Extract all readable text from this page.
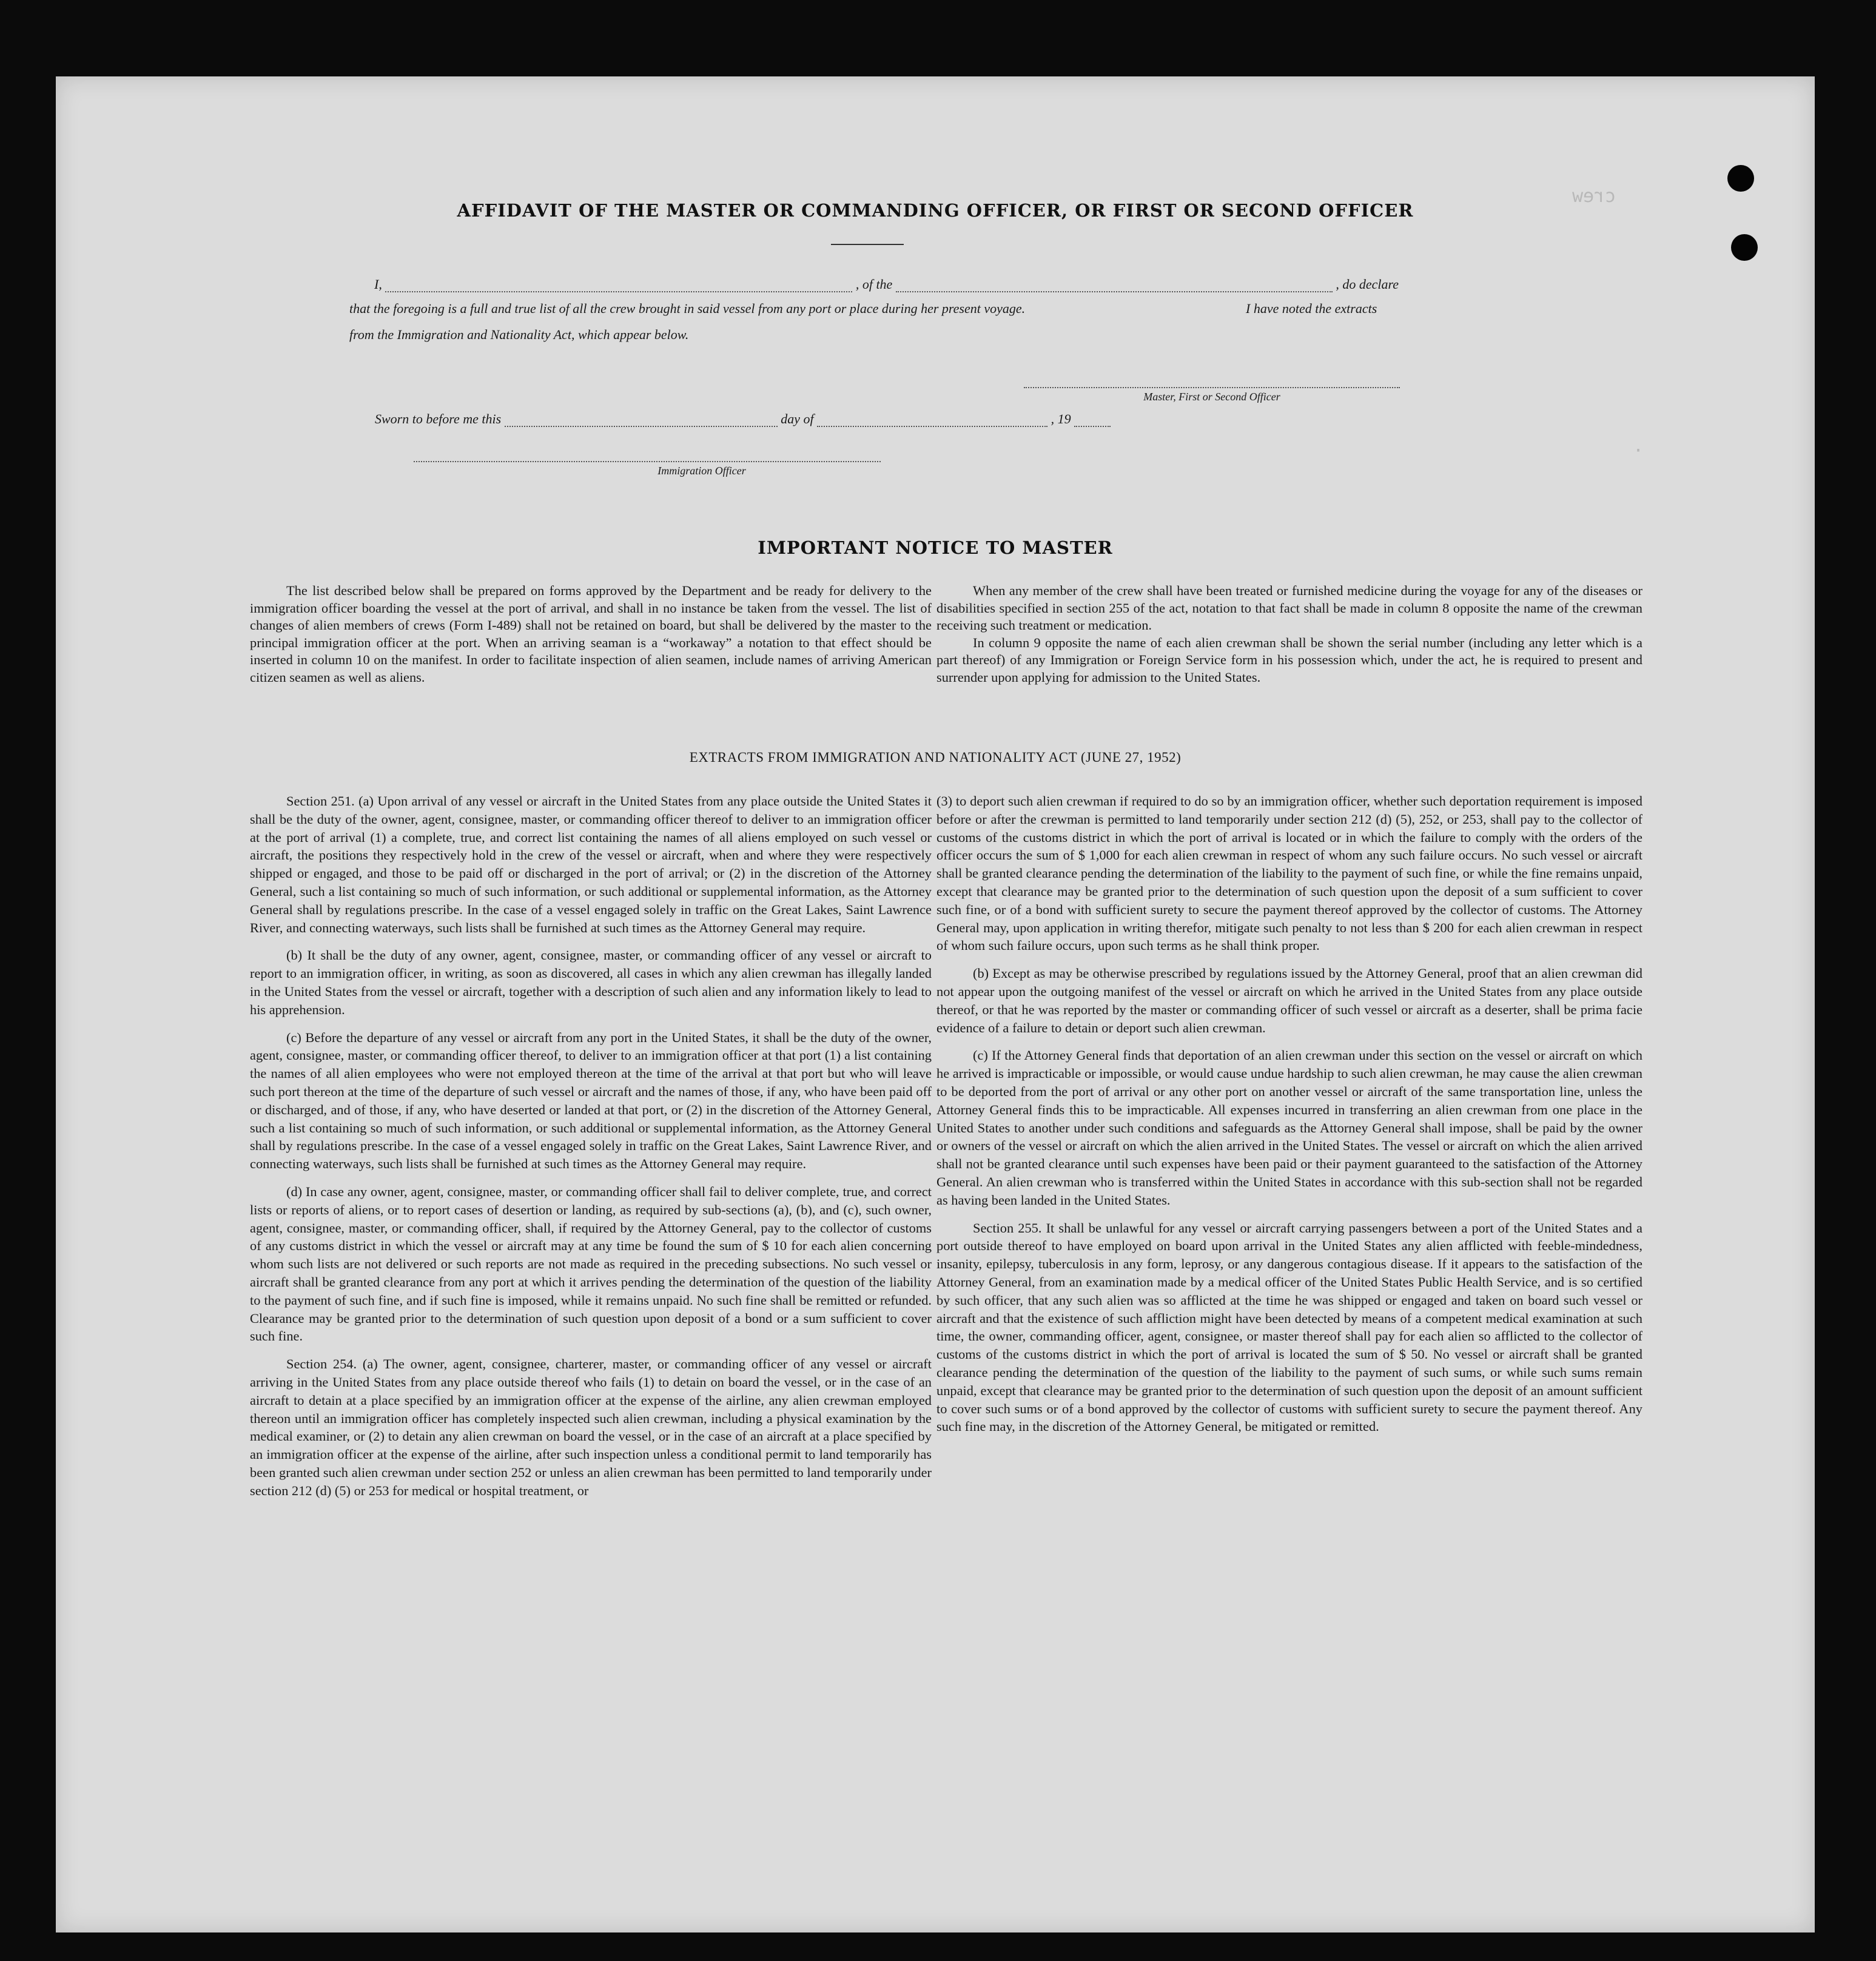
crew
·
AFFIDAVIT OF THE MASTER OR COMMANDING OFFICER, OR FIRST OR SECOND OFFICER
I,	, of the	, do declare
that the foregoing is a full and true list of all the crew brought in said vessel from any port or place during her present voyage.	I have noted the extracts
from the Immigration and Nationality Act, which appear below.
Master, First or Second Officer
Sworn to before me this	day of	, 19
Immigration Officer
IMPORTANT NOTICE TO MASTER

The list described below shall be prepared on forms approved by the Department and be ready for delivery to the immigration officer boarding the vessel at the port of arrival, and shall in no instance be taken from the vessel. The list of changes of alien members of crews (Form I-489) shall not be retained on board, but shall be delivered by the master to the principal immigration officer at the port. When an arriving seaman is a “workaway” a notation to that effect should be inserted in column 10 on the manifest. In order to facilitate inspection of alien seamen, include names of arriving American citizen seamen as well as aliens.

When any member of the crew shall have been treated or furnished medicine during the voyage for any of the diseases or disabilities specified in section 255 of the act, notation to that fact shall be made in column 8 opposite the name of the crewman receiving such treatment or medication.

In column 9 opposite the name of each alien crewman shall be shown the serial number (including any letter which is a part thereof) of any Immigration or Foreign Service form in his possession which, under the act, he is required to present and surrender upon applying for admission to the United States.

EXTRACTS FROM IMMIGRATION AND NATIONALITY ACT (JUNE 27, 1952)

Section 251. (a) Upon arrival of any vessel or aircraft in the United States from any place outside the United States it shall be the duty of the owner, agent, consignee, master, or commanding officer thereof to deliver to an immigration officer at the port of arrival (1) a complete, true, and correct list containing the names of all aliens employed on such vessel or aircraft, the positions they respectively hold in the crew of the vessel or aircraft, when and where they were respectively shipped or engaged, and those to be paid off or discharged in the port of arrival; or (2) in the discretion of the Attorney General, such a list containing so much of such information, or such additional or supplemental information, as the Attorney General shall by regulations prescribe. In the case of a vessel engaged solely in traffic on the Great Lakes, Saint Lawrence River, and connecting waterways, such lists shall be furnished at such times as the Attorney General may require.

(b) It shall be the duty of any owner, agent, consignee, master, or commanding officer of any vessel or aircraft to report to an immigration officer, in writing, as soon as discovered, all cases in which any alien crewman has illegally landed in the United States from the vessel or aircraft, together with a description of such alien and any information likely to lead to his apprehension.

(c) Before the departure of any vessel or aircraft from any port in the United States, it shall be the duty of the owner, agent, consignee, master, or commanding officer thereof, to deliver to an immigration officer at that port (1) a list containing the names of all alien employees who were not employed thereon at the time of the arrival at that port but who will leave such port thereon at the time of the departure of such vessel or aircraft and the names of those, if any, who have been paid off or discharged, and of those, if any, who have deserted or landed at that port, or (2) in the discretion of the Attorney General, such a list containing so much of such information, or such additional or supplemental information, as the Attorney General shall by regulations prescribe. In the case of a vessel engaged solely in traffic on the Great Lakes, Saint Lawrence River, and connecting waterways, such lists shall be furnished at such times as the Attorney General may require.

(d) In case any owner, agent, consignee, master, or commanding officer shall fail to deliver complete, true, and correct lists or reports of aliens, or to report cases of desertion or landing, as required by sub-sections (a), (b), and (c), such owner, agent, consignee, master, or commanding officer, shall, if required by the Attorney General, pay to the collector of customs of any customs district in which the vessel or aircraft may at any time be found the sum of $ 10 for each alien concerning whom such lists are not delivered or such reports are not made as required in the preceding subsections. No such vessel or aircraft shall be granted clearance from any port at which it arrives pending the determination of the question of the liability to the payment of such fine, and if such fine is imposed, while it remains unpaid. No such fine shall be remitted or refunded. Clearance may be granted prior to the determination of such question upon deposit of a bond or a sum sufficient to cover such fine.

Section 254. (a) The owner, agent, consignee, charterer, master, or commanding officer of any vessel or aircraft arriving in the United States from any place outside thereof who fails (1) to detain on board the vessel, or in the case of an aircraft to detain at a place specified by an immigration officer at the expense of the airline, any alien crewman employed thereon until an immigration officer has completely inspected such alien crewman, including a physical examination by the medical examiner, or (2) to detain any alien crewman on board the vessel, or in the case of an aircraft at a place specified by an immigration officer at the expense of the airline, after such inspection unless a conditional permit to land temporarily has been granted such alien crewman under section 252 or unless an alien crewman has been permitted to land temporarily under section 212 (d) (5) or 253 for medical or hospital treatment, or

(3) to deport such alien crewman if required to do so by an immigration officer, whether such deportation requirement is imposed before or after the crewman is permitted to land temporarily under section 212 (d) (5), 252, or 253, shall pay to the collector of customs of the customs district in which the port of arrival is located or in which the failure to comply with the orders of the officer occurs the sum of $ 1,000 for each alien crewman in respect of whom any such failure occurs. No such vessel or aircraft shall be granted clearance pending the determination of the liability to the payment of such fine, or while the fine remains unpaid, except that clearance may be granted prior to the determination of such question upon the deposit of a sum sufficient to cover such fine, or of a bond with sufficient surety to secure the payment thereof approved by the collector of customs. The Attorney General may, upon application in writing therefor, mitigate such penalty to not less than $ 200 for each alien crewman in respect of whom such failure occurs, upon such terms as he shall think proper.

(b) Except as may be otherwise prescribed by regulations issued by the Attorney General, proof that an alien crewman did not appear upon the outgoing manifest of the vessel or aircraft on which he arrived in the United States from any place outside thereof, or that he was reported by the master or commanding officer of such vessel or aircraft as a deserter, shall be prima facie evidence of a failure to detain or deport such alien crewman.

(c) If the Attorney General finds that deportation of an alien crewman under this section on the vessel or aircraft on which he arrived is impracticable or impossible, or would cause undue hardship to such alien crewman, he may cause the alien crewman to be deported from the port of arrival or any other port on another vessel or aircraft of the same transportation line, unless the Attorney General finds this to be impracticable. All expenses incurred in transferring an alien crewman from one place in the United States to another under such conditions and safeguards as the Attorney General shall impose, shall be paid by the owner or owners of the vessel or aircraft on which the alien arrived in the United States. The vessel or aircraft on which the alien arrived shall not be granted clearance until such expenses have been paid or their payment guaranteed to the satisfaction of the Attorney General. An alien crewman who is transferred within the United States in accordance with this sub-section shall not be regarded as having been landed in the United States.

Section 255. It shall be unlawful for any vessel or aircraft carrying passengers between a port of the United States and a port outside thereof to have employed on board upon arrival in the United States any alien afflicted with feeble-mindedness, insanity, epilepsy, tuberculosis in any form, leprosy, or any dangerous contagious disease. If it appears to the satisfaction of the Attorney General, from an examination made by a medical officer of the United States Public Health Service, and is so certified by such officer, that any such alien was so afflicted at the time he was shipped or engaged and taken on board such vessel or aircraft and that the existence of such affliction might have been detected by means of a competent medical examination at such time, the owner, commanding officer, agent, consignee, or master thereof shall pay for each alien so afflicted to the collector of customs of the customs district in which the port of arrival is located the sum of $ 50. No vessel or aircraft shall be granted clearance pending the determination of the question of the liability to the payment of such sums, or while such sums remain unpaid, except that clearance may be granted prior to the determination of such question upon the deposit of an amount sufficient to cover such sums or of a bond approved by the collector of customs with sufficient surety to secure the payment thereof. Any such fine may, in the discretion of the Attorney General, be mitigated or remitted.
